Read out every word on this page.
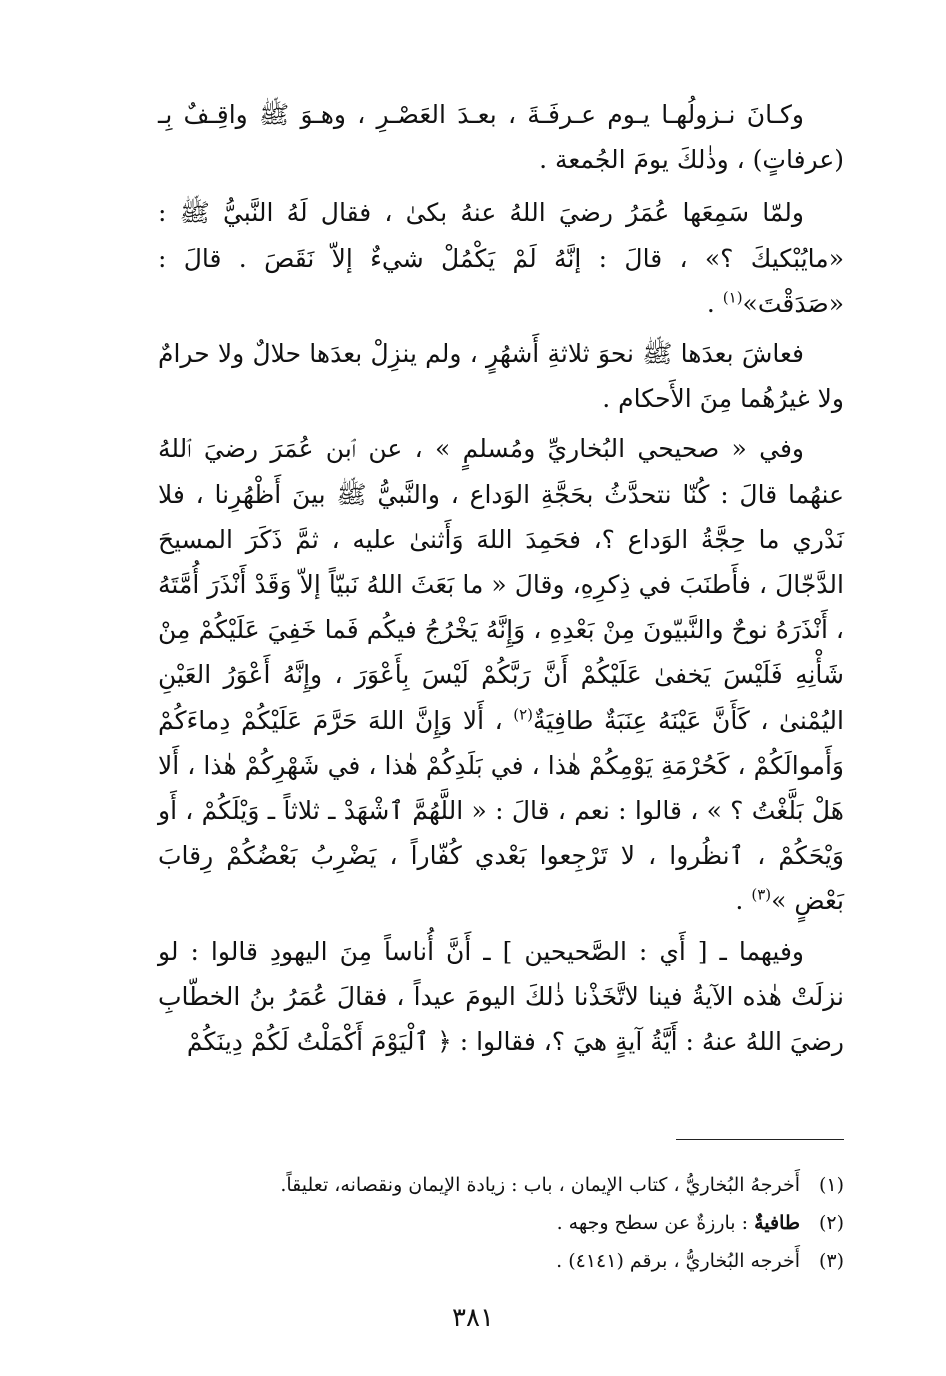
وكـانَ نـزولُهـا يـوم عـرفَـةَ ، بعـدَ العَصْـرِ ، وهـوَ ﷺ واقِـفٌ بِـ (عرفاتٍ) ، وذٰلكَ يومَ الجُمعة .

ولمّا سَمِعَها عُمَرُ رضيَ اللهُ عنهُ بكىٰ ، فقال لَهُ النَّبيُّ ﷺ : «مايُبْكيكَ ؟» ، قالَ : إنَّهُ لَمْ يَكْمُلْ شيءٌ إلاّ نَقَصَ . قالَ : «صَدَقْتَ»$^{(١)}$ .

فعاشَ بعدَها ﷺ نحوَ ثلاثةِ أَشهُرٍ ، ولم ينزِلْ بعدَها حلالٌ ولا حرامٌ ولا غيرُهُما مِنَ الأَحكام .

وفي « صحيحي البُخاريِّ ومُسلمٍ » ، عن ٱبن عُمَرَ رضيَ ٱللهُ عنهُما قالَ : كُنّا نتحدَّثُ بحَجَّةِ الوَداع ، والنَّبيُّ ﷺ بينَ أَظْهُرِنا ، فلا نَدْري ما حِجَّةُ الوَداع ؟، فحَمِدَ اللهَ وَأَثنىٰ عليه ، ثمَّ ذَكَرَ المسيحَ الدَّجّالَ ، فأَطنَبَ في ذِكرِهِ، وقالَ « ما بَعَثَ اللهُ نَبيّاً إلاّ وَقَدْ أَنْذَرَ أُمَّتَهُ ، أَنْذَرَهُ نوحٌ والنَّبيّونَ مِنْ بَعْدِهِ ، وَإِنَّهُ يَخْرُجُ فيكُم فَما خَفِيَ عَلَيْكُمْ مِنْ شَأْنِهِ فَلَيْسَ يَخفىٰ عَلَيْكُمْ أَنَّ رَبَّكُمْ لَيْسَ بِأَعْوَرَ ، وإِنَّهُ أَعْوَرُ العَيْنِ اليُمْنىٰ ، كَأَنَّ عَيْنَهُ عِنَبَةٌ طافِيَةٌ$^{(٢)}$ ، أَلا وَإِنَّ اللهَ حَرَّمَ عَلَيْكُمْ دِماءَكُمْ وَأَموالَكُمْ ، كَحُرْمَةِ يَوْمِكُمْ هٰذا ، في بَلَدِكُمْ هٰذا ، في شَهْرِكُمْ هٰذا ، أَلا هَلْ بَلَّغْتُ ؟ » ، قالوا : نعم ، قالَ : « اللَّهُمَّ ٱشْهَدْ ـ ثلاثاً ـ وَيْلَكُمْ ، أَو وَيْحَكُمْ ، ٱنظُروا ، لا تَرْجِعوا بَعْدي كُفّاراً ، يَضْرِبُ بَعْضُكُمْ رِقابَ بَعْضٍ »$^{(٣)}$ .

وفيهما ـ [ أَي : الصَّحيحين ] ـ أَنَّ أُناساً مِنَ اليهودِ قالوا : لو نزلَتْ هٰذه الآيةُ فينا لاتَّخَذْنا ذٰلكَ اليومَ عيداً ، فقالَ عُمَرُ بنُ الخطّابِ رضيَ اللهُ عنهُ : أَيَّةُ آيةٍ هيَ ؟، فقالوا : ﴿ ٱلْيَوْمَ أَكْمَلْتُ لَكُمْ دِينَكُمْ

(١)أَخرجهُ البُخاريُّ ، كتاب الإيمان ، باب : زيادة الإيمان ونقصانه، تعليقاً.

(٢)طافيةٌ : بارزةٌ عن سطح وجهه .

(٣)أَخرجه البُخاريُّ ، برقم (٤١٤١) .

٣٨١
